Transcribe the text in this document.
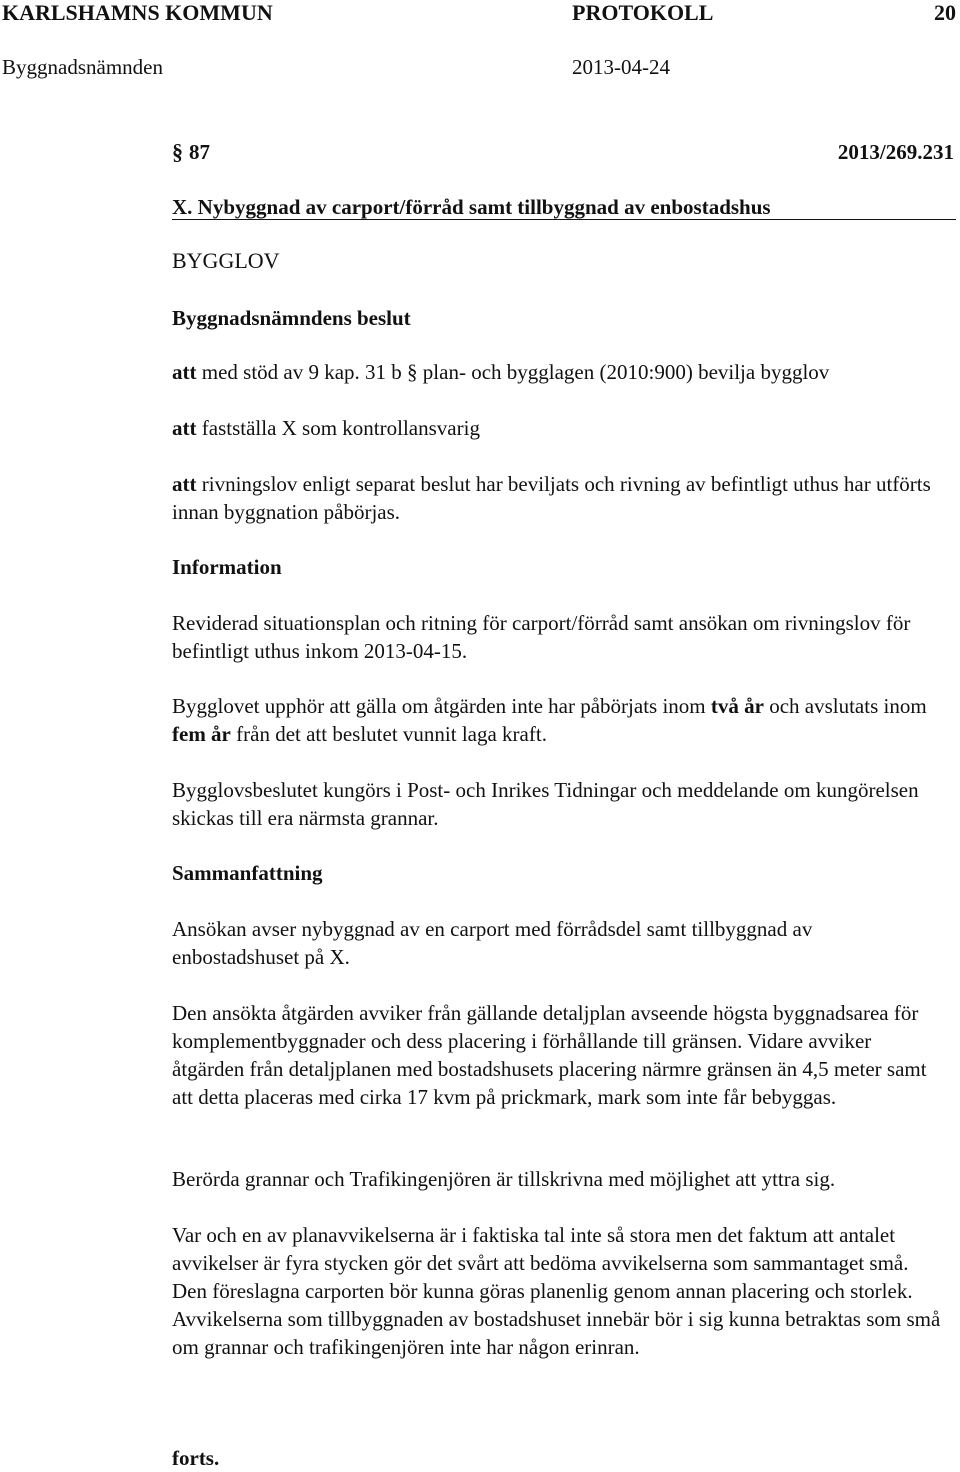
KARLSHAMNS KOMMUN	PROTOKOLL	20
Byggnadsnämnden	2013-04-24
§ 87	2013/269.231
X. Nybyggnad av carport/förråd samt tillbyggnad av enbostadshus
BYGGLOV
Byggnadsnämndens beslut
att med stöd av 9 kap. 31 b § plan- och bygglagen (2010:900) bevilja bygglov
att fastställa X som kontrollansvarig
att rivningslov enligt separat beslut har beviljats och rivning av befintligt uthus har utförts innan byggnation påbörjas.
Information
Reviderad situationsplan och ritning för carport/förråd samt ansökan om rivningslov för befintligt uthus inkom 2013-04-15.
Bygglovet upphör att gälla om åtgärden inte har påbörjats inom två år och avslutats inom fem år från det att beslutet vunnit laga kraft.
Bygglovsbeslutet kungörs i Post- och Inrikes Tidningar och meddelande om kungörelsen skickas till era närmsta grannar.
Sammanfattning
Ansökan avser nybyggnad av en carport med förrådsdel samt tillbyggnad av enbostadshuset på X.
Den ansökta åtgärden avviker från gällande detaljplan avseende högsta byggnadsarea för komplementbyggnader och dess placering i förhållande till gränsen. Vidare avviker åtgärden från detaljplanen med bostadshusets placering närmre gränsen än 4,5 meter samt att detta placeras med cirka 17 kvm på prickmark, mark som inte får bebyggas.
Berörda grannar och Trafikingenjören är tillskrivna med möjlighet att yttra sig.
Var och en av planavvikelserna är i faktiska tal inte så stora men det faktum att antalet avvikelser är fyra stycken gör det svårt att bedöma avvikelserna som sammantaget små. Den föreslagna carporten bör kunna göras planenlig genom annan placering och storlek. Avvikelserna som tillbyggnaden av bostadshuset innebär bör i sig kunna betraktas som små om grannar och trafikingenjören inte har någon erinran.
forts.
